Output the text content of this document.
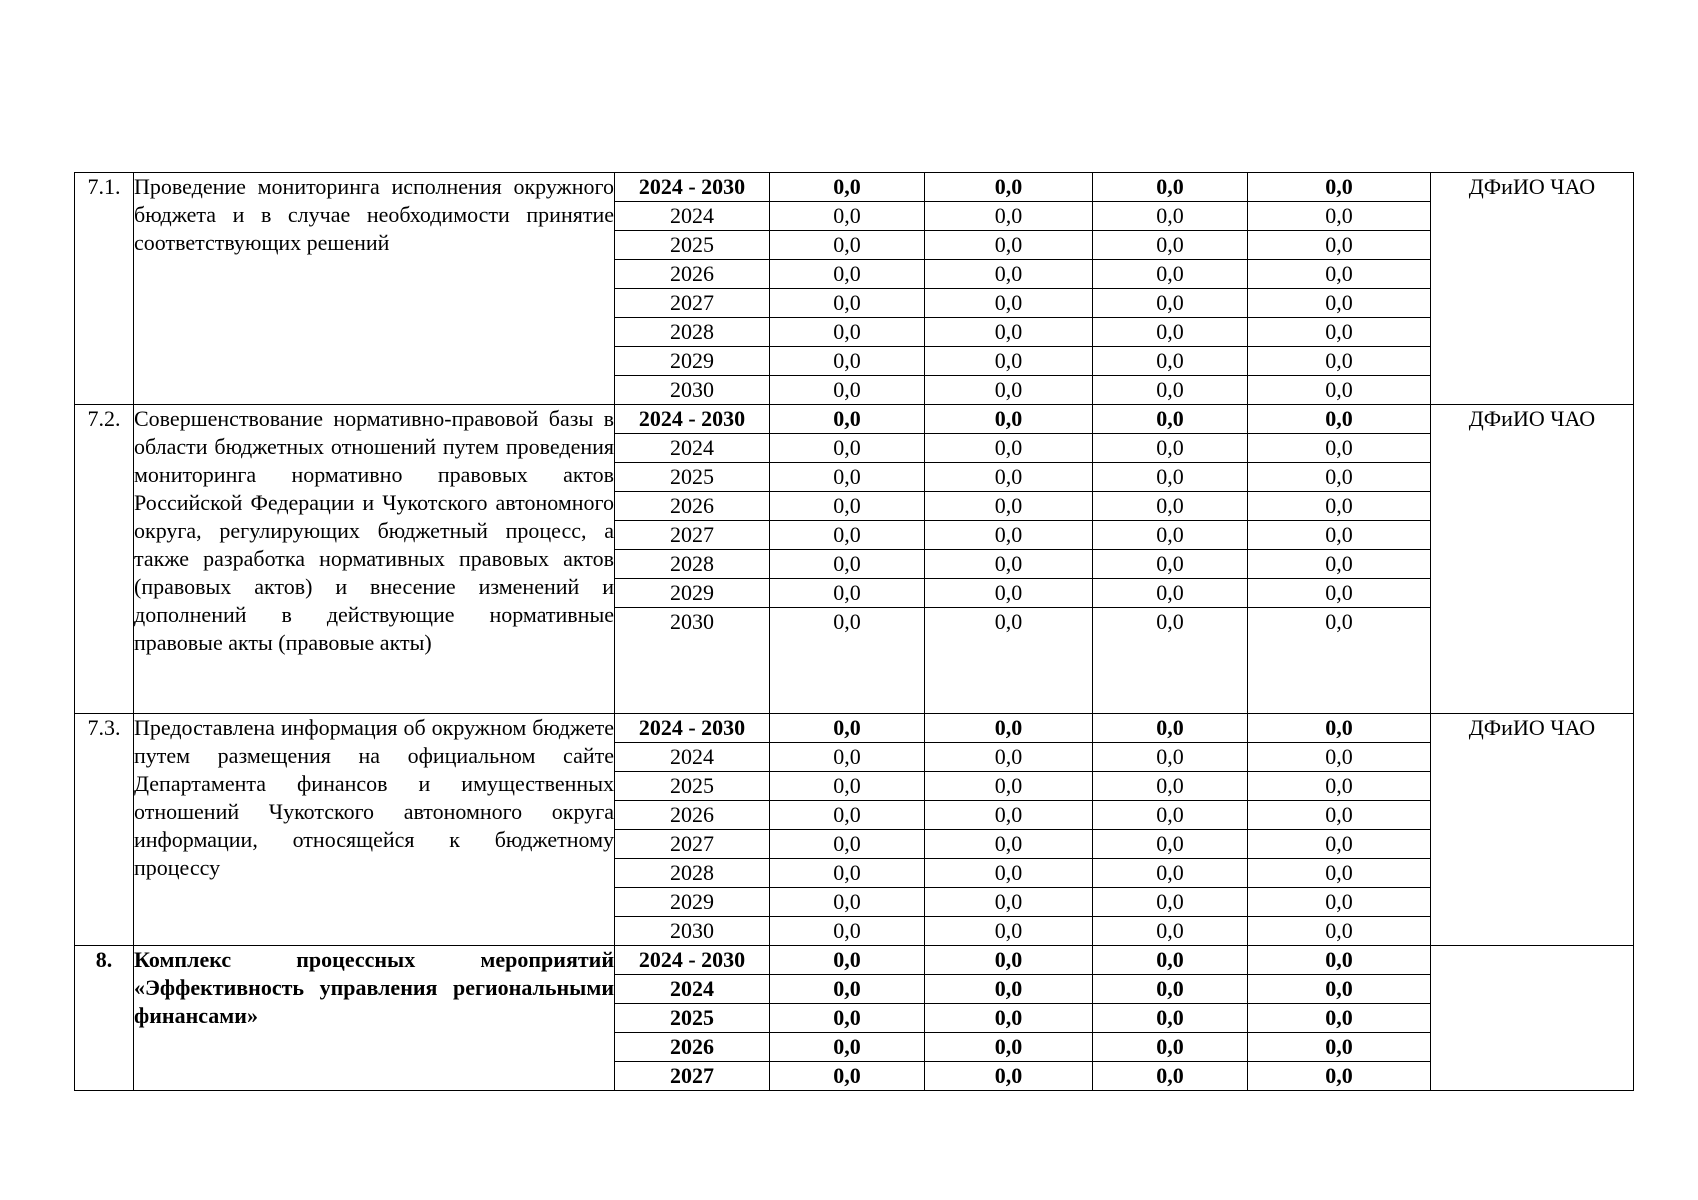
7.1.	Проведение мониторинга исполнения окружного бюджета и в случае необходимости принятие соответствующих решений	2024 - 2030	0,0	0,0	0,0	0,0	ДФиИО ЧАО
		2024	0,0	0,0	0,0	0,0	
		2025	0,0	0,0	0,0	0,0	
		2026	0,0	0,0	0,0	0,0	
		2027	0,0	0,0	0,0	0,0	
		2028	0,0	0,0	0,0	0,0	
		2029	0,0	0,0	0,0	0,0	
		2030	0,0	0,0	0,0	0,0	
7.2.	Совершенствование нормативно-правовой базы в области бюджетных отношений путем проведения мониторинга нормативно правовых актов Российской Федерации и Чукотского автономного округа, регулирующих бюджетный процесс, а также разработка нормативных правовых актов (правовых актов) и внесение изменений и дополнений в действующие нормативные правовые акты (правовые акты)	2024 - 2030	0,0	0,0	0,0	0,0	ДФиИО ЧАО
		2024	0,0	0,0	0,0	0,0	
		2025	0,0	0,0	0,0	0,0	
		2026	0,0	0,0	0,0	0,0	
		2027	0,0	0,0	0,0	0,0	
		2028	0,0	0,0	0,0	0,0	
		2029	0,0	0,0	0,0	0,0	
		2030	0,0	0,0	0,0	0,0	
7.3.	Предоставлена информация об окружном бюджете путем размещения на официальном сайте Департамента финансов и имущественных отношений Чукотского автономного округа информации, относящейся к бюджетному процессу	2024 - 2030	0,0	0,0	0,0	0,0	ДФиИО ЧАО
		2024	0,0	0,0	0,0	0,0	
		2025	0,0	0,0	0,0	0,0	
		2026	0,0	0,0	0,0	0,0	
		2027	0,0	0,0	0,0	0,0	
		2028	0,0	0,0	0,0	0,0	
		2029	0,0	0,0	0,0	0,0	
		2030	0,0	0,0	0,0	0,0	
8.	Комплекс процессных мероприятий «Эффективность управления региональными финансами»	2024 - 2030	0,0	0,0	0,0	0,0	
		2024	0,0	0,0	0,0	0,0	
		2025	0,0	0,0	0,0	0,0	
		2026	0,0	0,0	0,0	0,0	
		2027	0,0	0,0	0,0	0,0	
